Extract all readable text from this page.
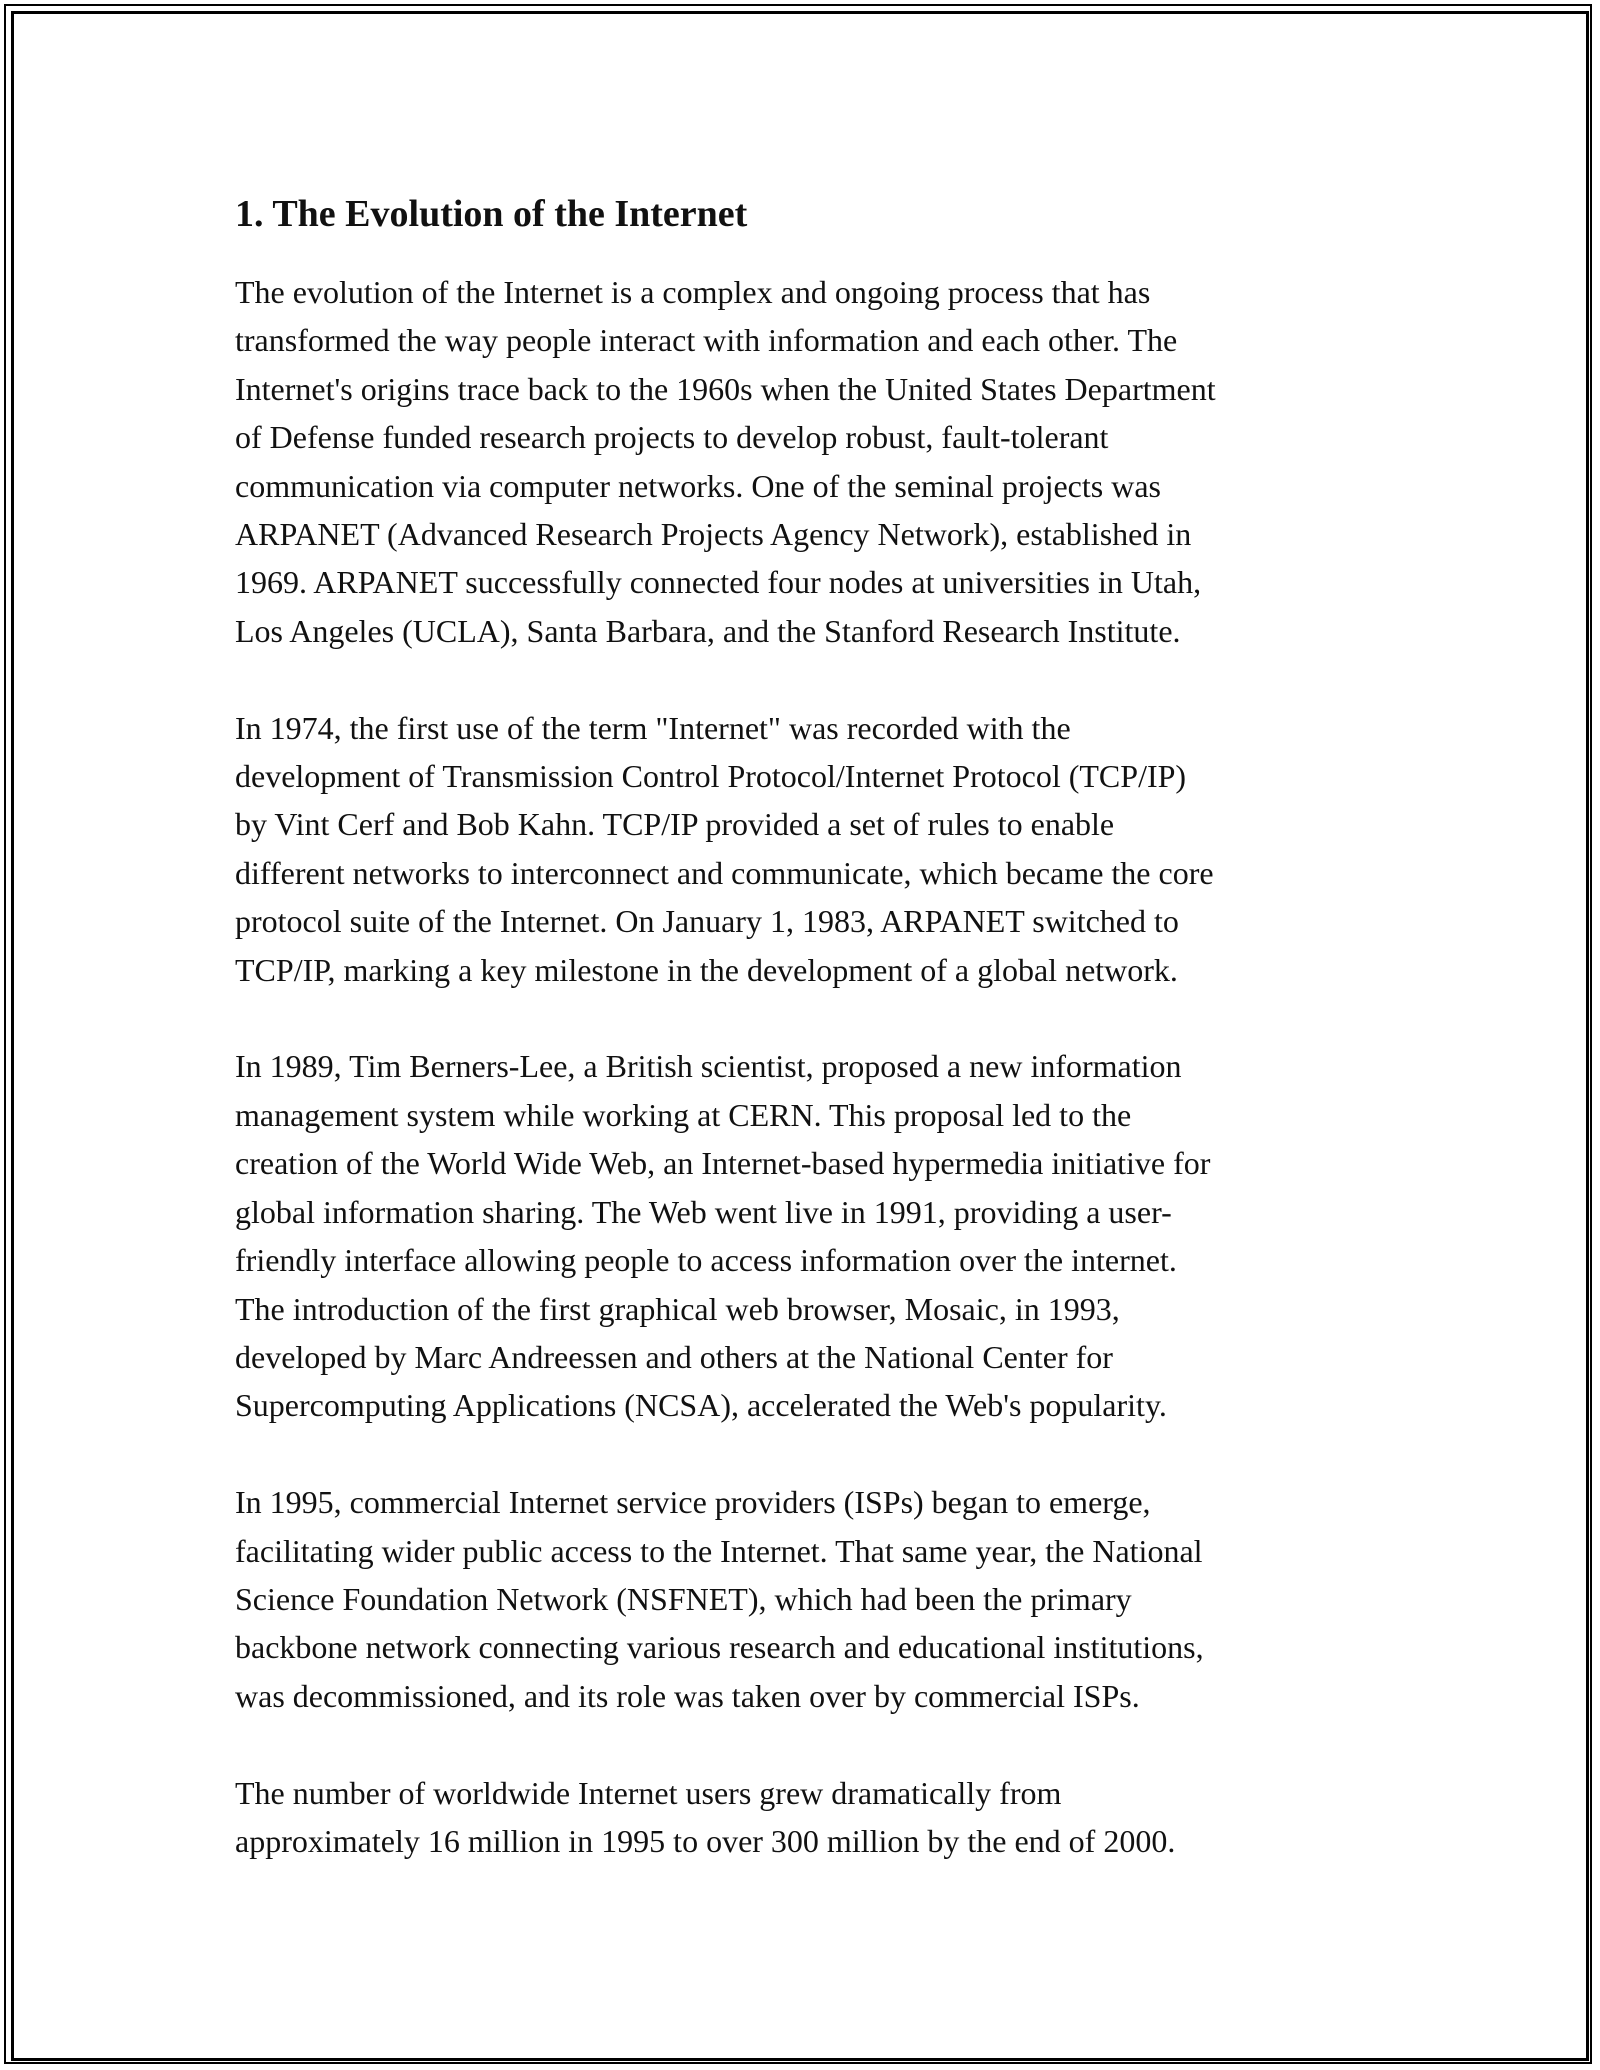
1. The Evolution of the Internet

The evolution of the Internet is a complex and ongoing process that has
transformed the way people interact with information and each other. The
Internet's origins trace back to the 1960s when the United States Department
of Defense funded research projects to develop robust, fault-tolerant
communication via computer networks. One of the seminal projects was
ARPANET (Advanced Research Projects Agency Network), established in
1969. ARPANET successfully connected four nodes at universities in Utah,
Los Angeles (UCLA), Santa Barbara, and the Stanford Research Institute.

In 1974, the first use of the term "Internet" was recorded with the
development of Transmission Control Protocol/Internet Protocol (TCP/IP)
by Vint Cerf and Bob Kahn. TCP/IP provided a set of rules to enable
different networks to interconnect and communicate, which became the core
protocol suite of the Internet. On January 1, 1983, ARPANET switched to
TCP/IP, marking a key milestone in the development of a global network.

In 1989, Tim Berners-Lee, a British scientist, proposed a new information
management system while working at CERN. This proposal led to the
creation of the World Wide Web, an Internet-based hypermedia initiative for
global information sharing. The Web went live in 1991, providing a user-
friendly interface allowing people to access information over the internet.
The introduction of the first graphical web browser, Mosaic, in 1993,
developed by Marc Andreessen and others at the National Center for
Supercomputing Applications (NCSA), accelerated the Web's popularity.

In 1995, commercial Internet service providers (ISPs) began to emerge,
facilitating wider public access to the Internet. That same year, the National
Science Foundation Network (NSFNET), which had been the primary
backbone network connecting various research and educational institutions,
was decommissioned, and its role was taken over by commercial ISPs.

The number of worldwide Internet users grew dramatically from
approximately 16 million in 1995 to over 300 million by the end of 2000.
